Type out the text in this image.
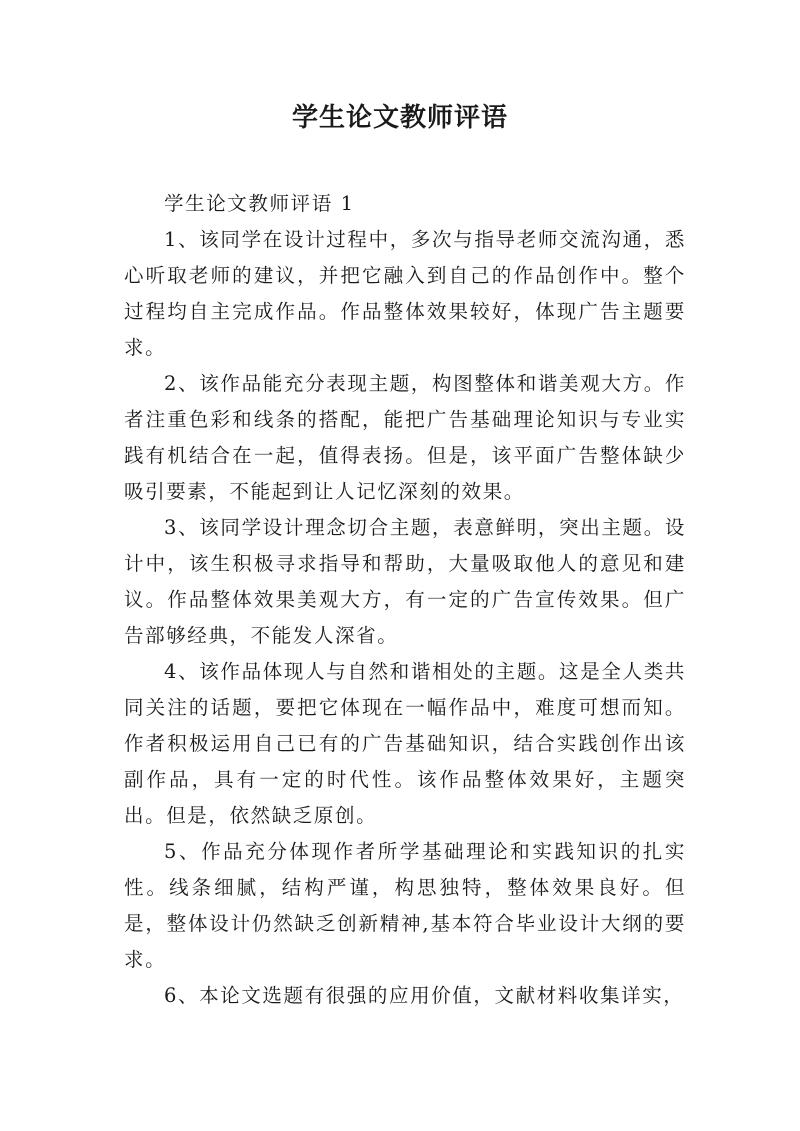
学生论文教师评语

学生论文教师评语 1

1、该同学在设计过程中，多次与指导老师交流沟通，悉心听取老师的建议，并把它融入到自己的作品创作中。整个过程均自主完成作品。作品整体效果较好，体现广告主题要求。

2、该作品能充分表现主题，构图整体和谐美观大方。作者注重色彩和线条的搭配，能把广告基础理论知识与专业实践有机结合在一起，值得表扬。但是，该平面广告整体缺少吸引要素，不能起到让人记忆深刻的效果。

3、该同学设计理念切合主题，表意鲜明，突出主题。设计中，该生积极寻求指导和帮助，大量吸取他人的意见和建议。作品整体效果美观大方，有一定的广告宣传效果。但广告部够经典，不能发人深省。

4、该作品体现人与自然和谐相处的主题。这是全人类共同关注的话题，要把它体现在一幅作品中，难度可想而知。作者积极运用自己已有的广告基础知识，结合实践创作出该副作品，具有一定的时代性。该作品整体效果好，主题突出。但是，依然缺乏原创。

5、作品充分体现作者所学基础理论和实践知识的扎实性。线条细腻，结构严谨，构思独特，整体效果良好。但是，整体设计仍然缺乏创新精神,基本符合毕业设计大纲的要求。

6、本论文选题有很强的应用价值，文献材料收集详实，
